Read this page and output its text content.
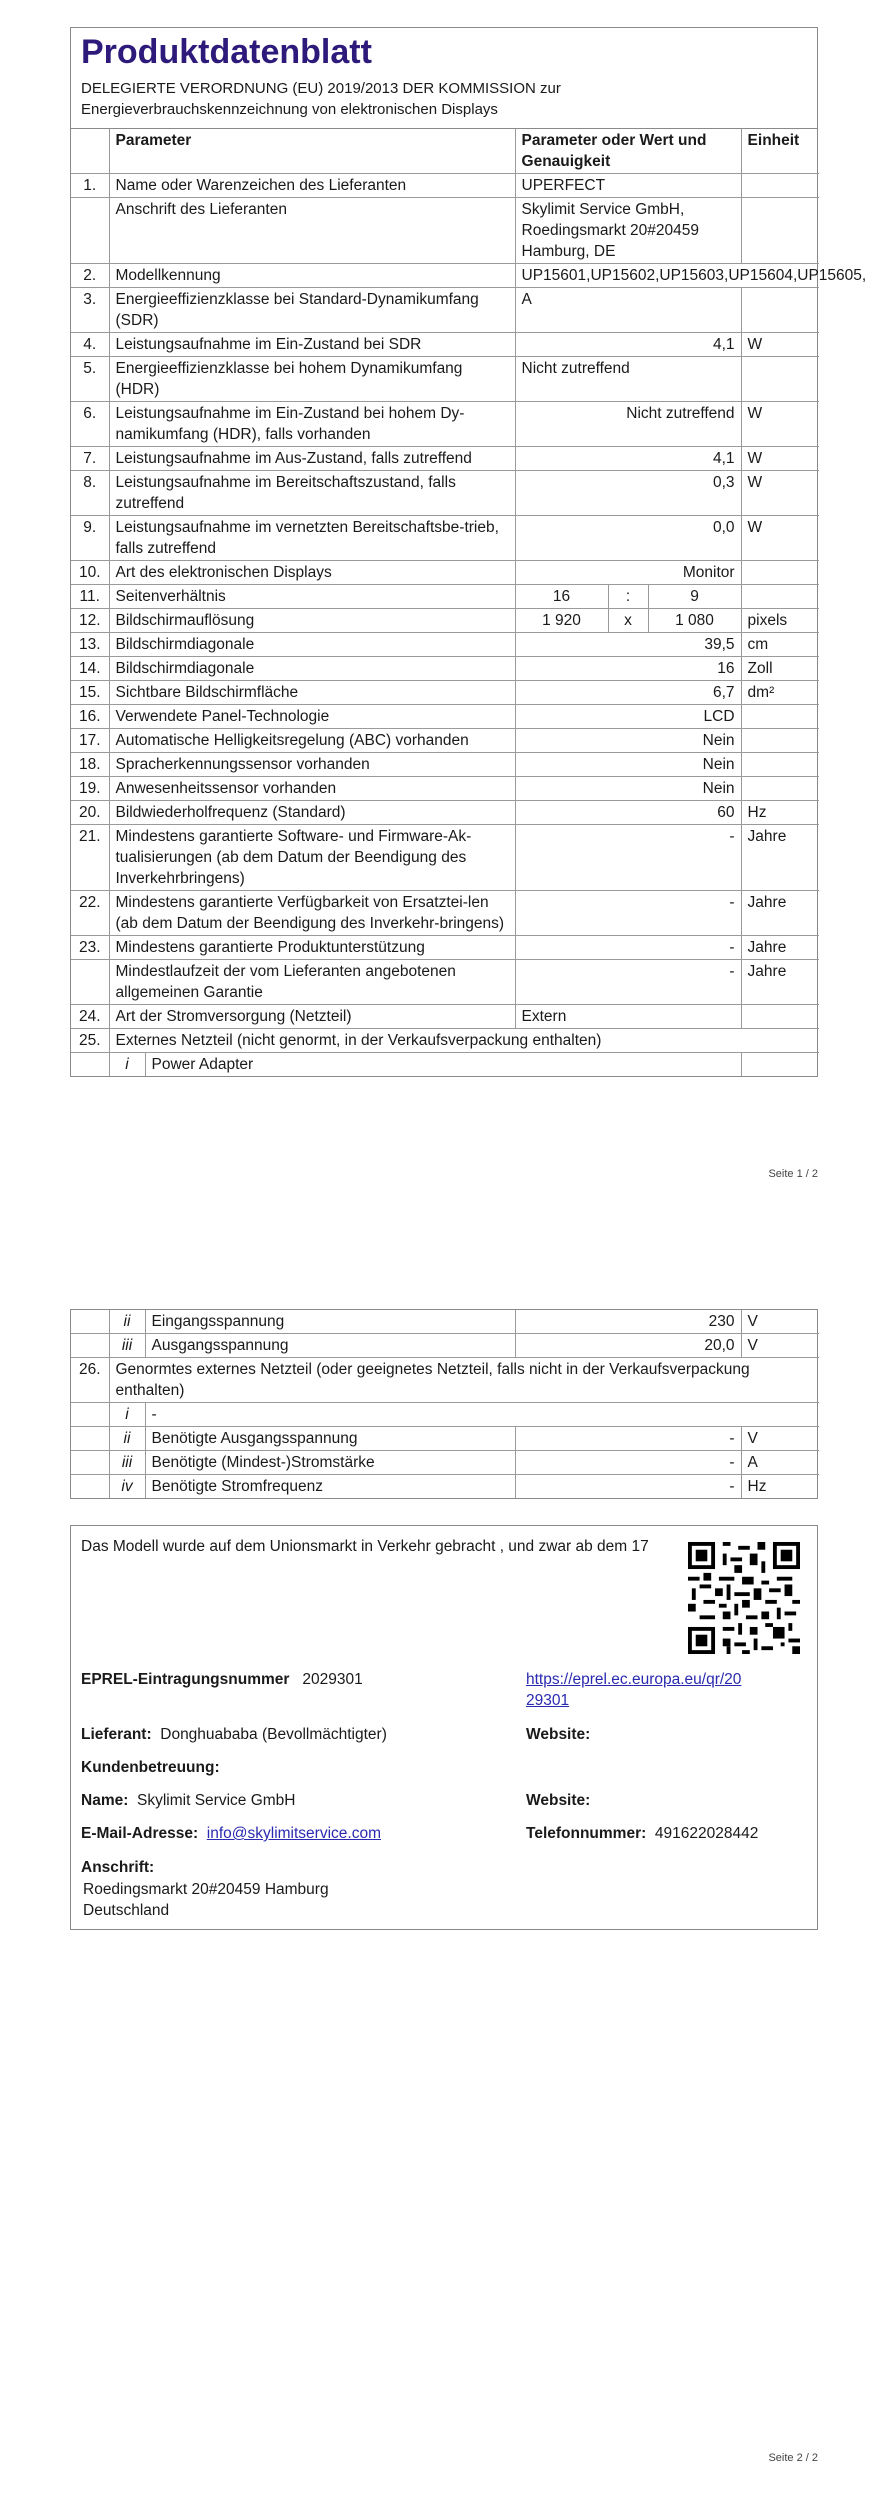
Produktdatenblatt
DELEGIERTE VERORDNUNG (EU) 2019/2013 DER KOMMISSION zur
Energieverbrauchskennzeichnung von elektronischen Displays
	Parameter		Parameter oder Wert und Genauigkeit			Einheit
1.	Name oder Warenzeichen des Lieferanten		UPERFECT			
	Anschrift des Lieferanten		Skylimit Service GmbH, Roedingsmarkt 20#20459 Hamburg, DE			
2.	Modellkennung		UP15601,UP15602,UP15603,UP15604,UP15605,			
3.	Energieeffizienzklasse bei Standard-Dynamikumfang (SDR)		A			
4.	Leistungsaufnahme im Ein-Zustand bei SDR		4,1			W
5.	Energieeffizienzklasse bei hohem Dynamikumfang (HDR)		Nicht zutreffend			
6.	Leistungsaufnahme im Ein-Zustand bei hohem Dy-namikumfang (HDR), falls vorhanden		Nicht zutreffend			W
7.	Leistungsaufnahme im Aus-Zustand, falls zutreffend		4,1			W
8.	Leistungsaufnahme im Bereitschaftszustand, falls zutreffend		0,3			W
9.	Leistungsaufnahme im vernetzten Bereitschaftsbe-trieb, falls zutreffend		0,0			W
10.	Art des elektronischen Displays		Monitor			
11.	Seitenverhältnis		16	:	9	
12.	Bildschirmauflösung		1 920	x	1 080	pixels
13.	Bildschirmdiagonale		39,5			cm
14.	Bildschirmdiagonale		16			Zoll
15.	Sichtbare Bildschirmfläche		6,7			dm²
16.	Verwendete Panel-Technologie		LCD			
17.	Automatische Helligkeitsregelung (ABC) vorhanden		Nein			
18.	Spracherkennungssensor vorhanden		Nein			
19.	Anwesenheitssensor vorhanden		Nein			
20.	Bildwiederholfrequenz (Standard)		60			Hz
21.	Mindestens garantierte Software- und Firmware-Ak-tualisierungen (ab dem Datum der Beendigung des Inverkehrbringens)		-			Jahre
22.	Mindestens garantierte Verfügbarkeit von Ersatztei-len (ab dem Datum der Beendigung des Inverkehr-bringens)		-			Jahre
23.	Mindestens garantierte Produktunterstützung		-			Jahre
	Mindestlaufzeit der vom Lieferanten angebotenen allgemeinen Garantie		-			Jahre
24.	Art der Stromversorgung (Netzteil)		Extern			
25.	Externes Netzteil (nicht genormt, in der Verkaufsverpackung enthalten)					
	i	Power Adapter				
Seite 1 / 2
	ii	Eingangsspannung	230	V
	iii	Ausgangsspannung	20,0	V
26.	Genormtes externes Netzteil (oder geeignetes Netzteil, falls nicht in der Verkaufsverpackung enthalten)			
	i	-		
	ii	Benötigte Ausgangsspannung	-	V
	iii	Benötigte (Mindest-)Stromstärke	-	A
	iv	Benötigte Stromfrequenz	-	Hz
Das Modell wurde auf dem Unionsmarkt in Verkehr gebracht , und zwar ab dem 17
EPREL-Eintragungsnummer 2029301	https://eprel.ec.europa.eu/qr/20
29301
Lieferant: Donghuababa (Bevollmächtigter)	Website:
Kundenbetreuung:
Name: Skylimit Service GmbH	Website:
E-Mail-Adresse: info@skylimitservice.com	Telefonnummer: 491622028442
Anschrift:
Roedingsmarkt 20#20459 Hamburg
Deutschland
Seite 2 / 2
